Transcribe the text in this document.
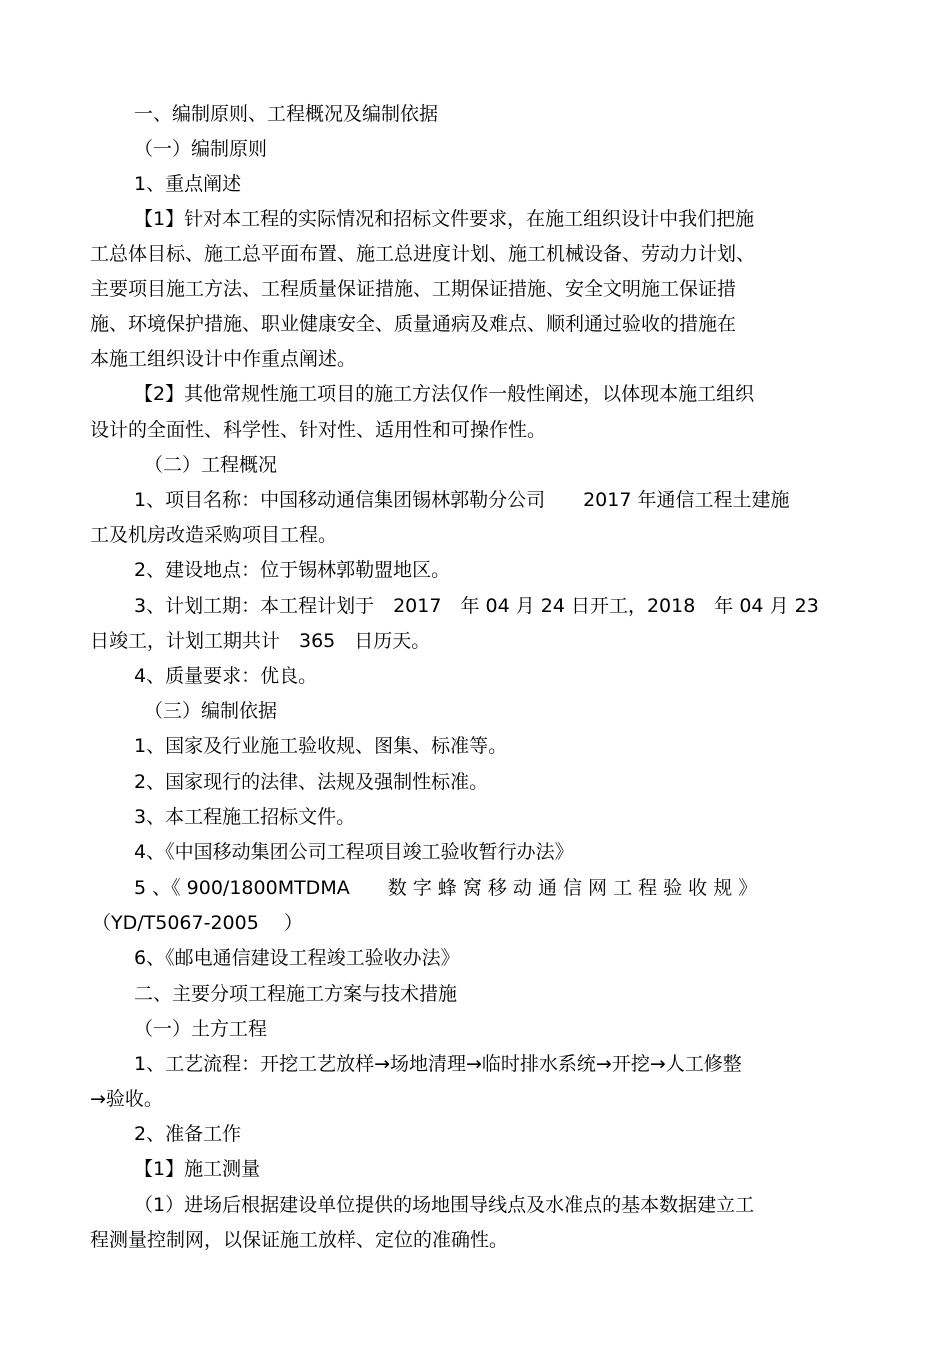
一、编制原则、工程概况及编制依据
（一）编制原则
1、重点阐述
【1】针对本工程的实际情况和招标文件要求，在施工组织设计中我们把施
工总体目标、施工总平面布置、施工总进度计划、施工机械设备、劳动力计划、
主要项目施工方法、工程质量保证措施、工期保证措施、安全文明施工保证措
施、环境保护措施、职业健康安全、质量通病及难点、顺利通过验收的措施在
本施工组织设计中作重点阐述。
【2】其他常规性施工项目的施工方法仅作一般性阐述，以体现本施工组织
设计的全面性、科学性、针对性、适用性和可操作性。
（二）工程概况
1、项目名称：中国移动通信集团锡林郭勒分公司　　2017 年通信工程土建施
工及机房改造采购项目工程。
2、建设地点：位于锡林郭勒盟地区。
3、计划工期：本工程计划于　2017　年 04 月 24 日开工，2018　年 04 月 23
日竣工，计划工期共计　365　日历天。
4、质量要求：优良。
（三）编制依据
1、国家及行业施工验收规、图集、标准等。
2、国家现行的法律、法规及强制性标准。
3、本工程施工招标文件。
4、《中国移动集团公司工程项目竣工验收暂行办法》
5 、《 900/1800MTDMA　　数 字 蜂 窝 移 动 通 信 网 工 程 验 收 规 》
（YD/T5067-2005　 ）
6、《邮电通信建设工程竣工验收办法》
二、主要分项工程施工方案与技术措施
（一）土方工程
1、工艺流程：开挖工艺放样→场地清理→临时排水系统→开挖→人工修整
→验收。
2、准备工作
【1】施工测量
（1）进场后根据建设单位提供的场地围导线点及水准点的基本数据建立工
程测量控制网，以保证施工放样、定位的准确性。
